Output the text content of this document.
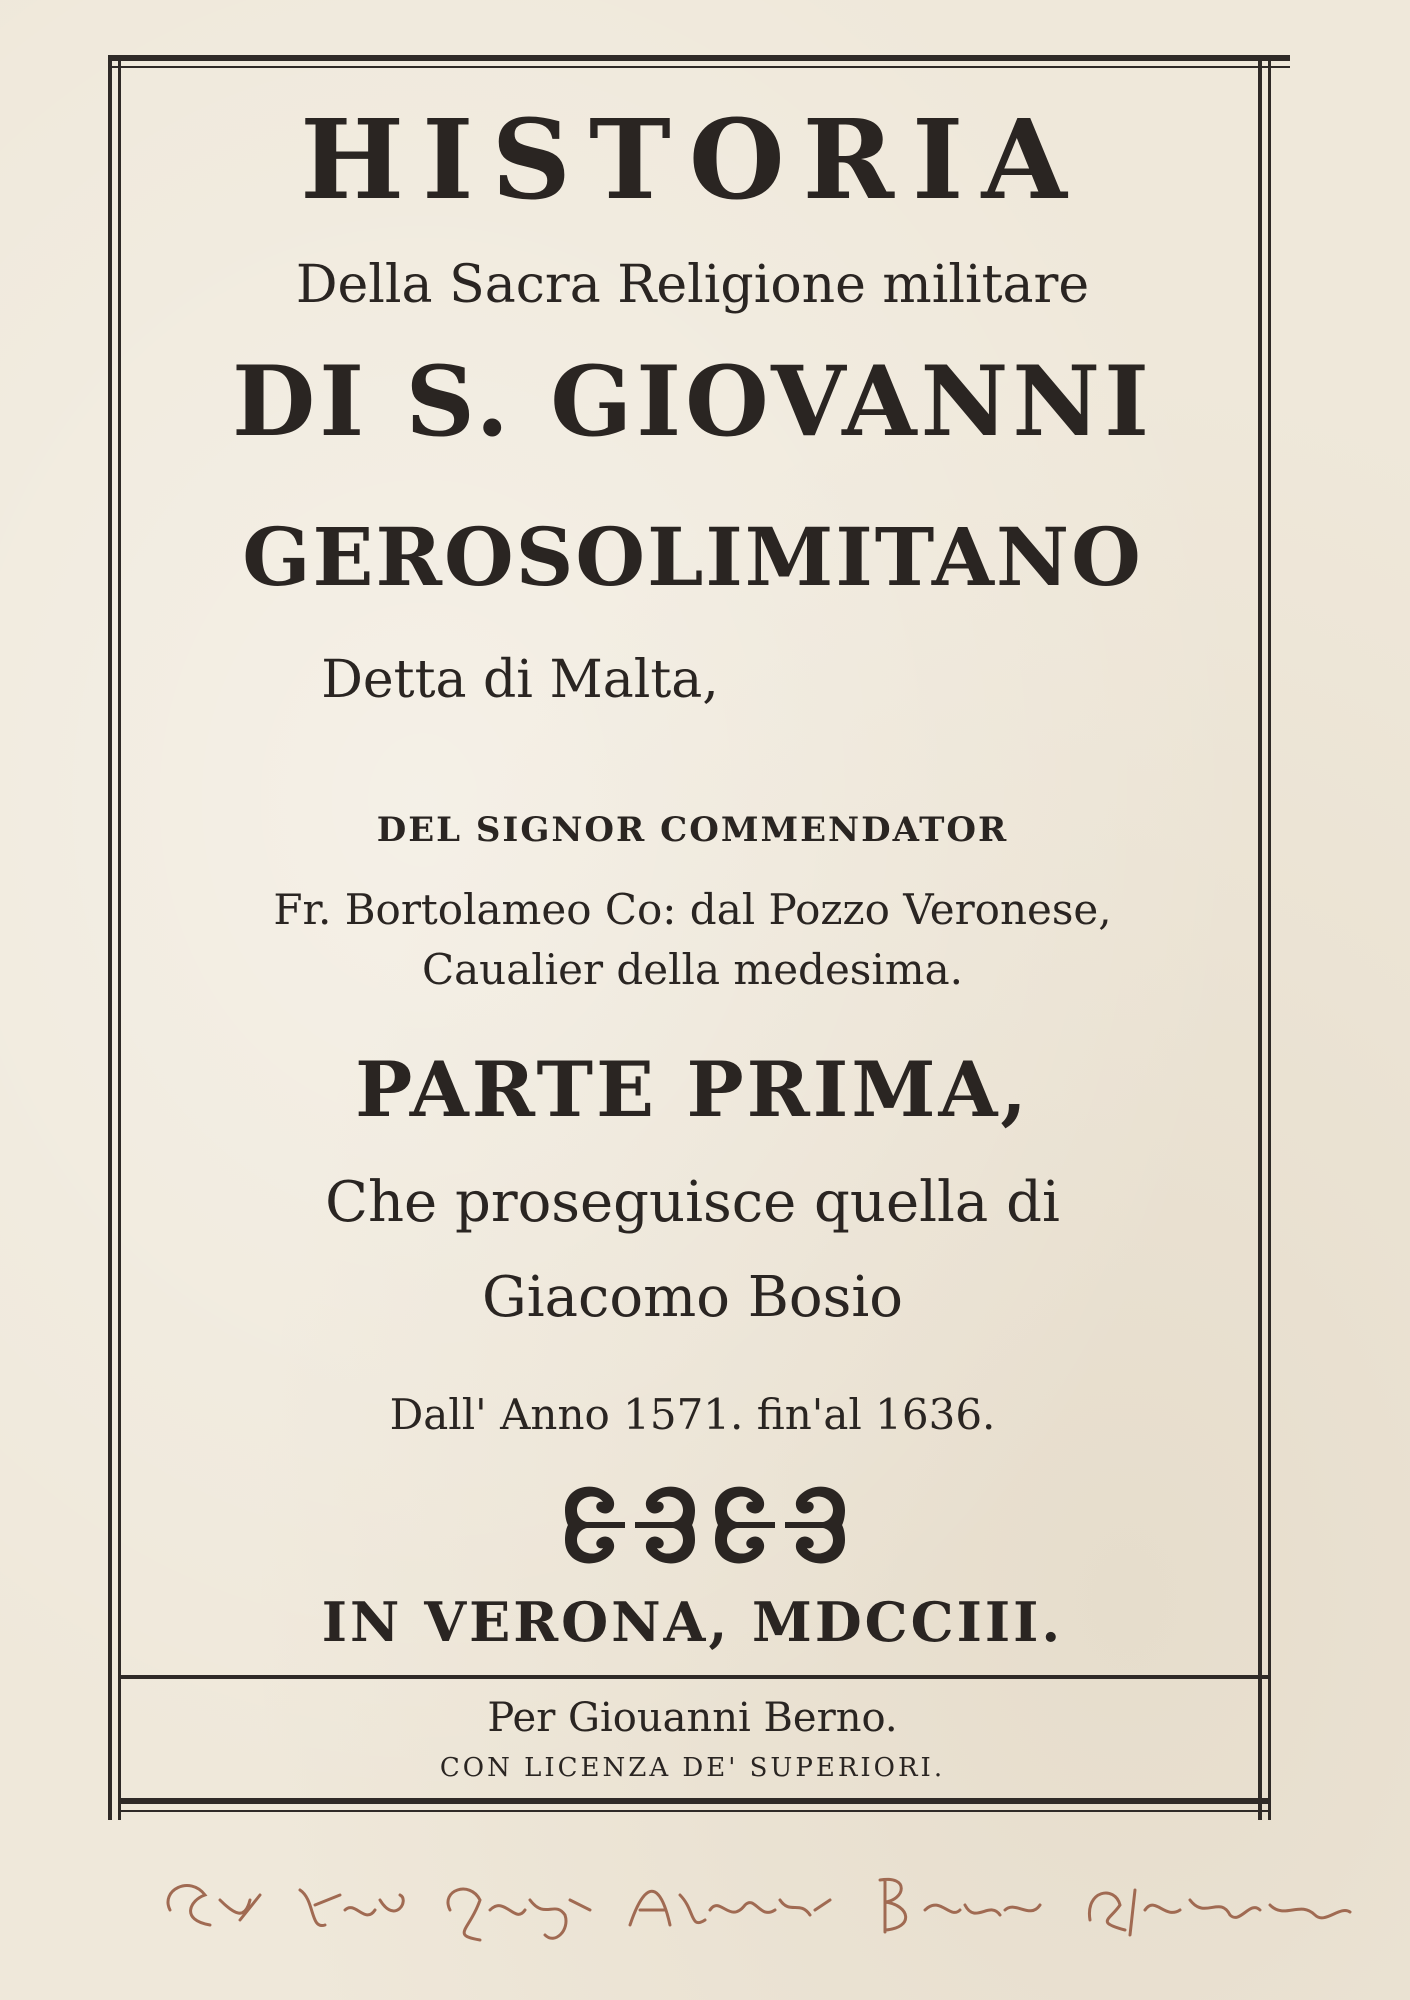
HISTORIA
Della Sacra Religione militare
DI S. GIOVANNI
GEROSOLIMITANO
Detta di Malta,
DEL SIGNOR COMMENDATOR
Fr. Bortolameo Co: dal Pozzo Veronese,
Caualier della medesima.
PARTE PRIMA,
Che proseguisce quella di
Giacomo Bosio
Dall' Anno 1571. fin'al 1636.
IN VERONA, MDCCIII.
Per Giouanni Berno.
CON LICENZA DE' SUPERIORI.
Ex libris Georgii Andreasii Equitis Melitensis
